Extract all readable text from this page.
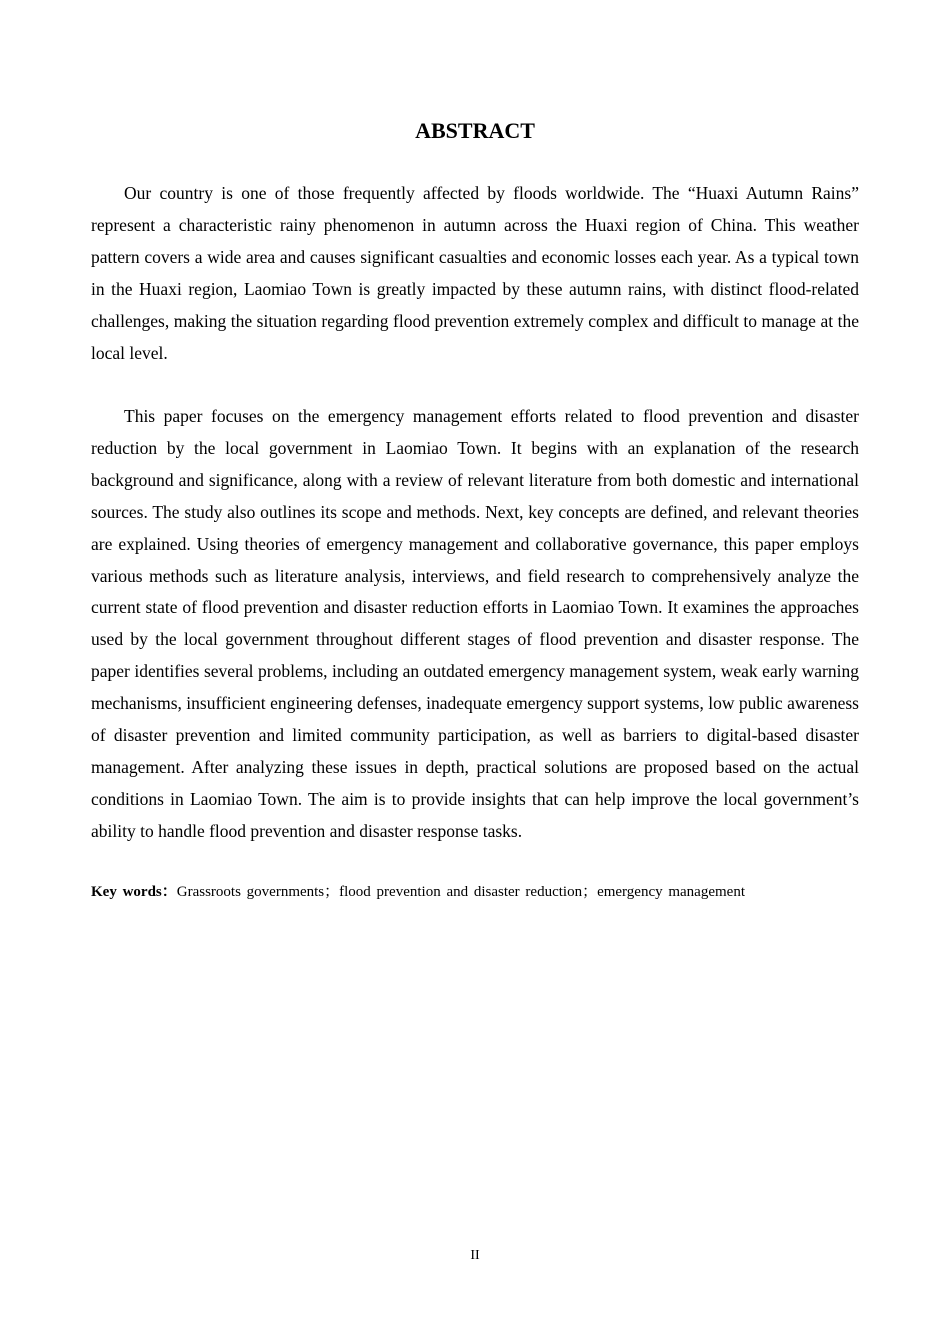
ABSTRACT

Our country is one of those frequently affected by floods worldwide. The “Huaxi Autumn Rains” represent a characteristic rainy phenomenon in autumn across the Huaxi region of China. This weather pattern covers a wide area and causes significant casualties and economic losses each year. As a typical town in the Huaxi region, Laomiao Town is greatly impacted by these autumn rains, with distinct flood-related challenges, making the situation regarding flood prevention extremely complex and difficult to manage at the local level.

This paper focuses on the emergency management efforts related to flood prevention and disaster reduction by the local government in Laomiao Town. It begins with an explanation of the research background and significance, along with a review of relevant literature from both domestic and international sources. The study also outlines its scope and methods. Next, key concepts are defined, and relevant theories are explained. Using theories of emergency management and collaborative governance, this paper employs various methods such as literature analysis, interviews, and field research to comprehensively analyze the current state of flood prevention and disaster reduction efforts in Laomiao Town. It examines the approaches used by the local government throughout different stages of flood prevention and disaster response. The paper identifies several problems, including an outdated emergency management system, weak early warning mechanisms, insufficient engineering defenses, inadequate emergency support systems, low public awareness of disaster prevention and limited community participation, as well as barriers to digital-based disaster management. After analyzing these issues in depth, practical solutions are proposed based on the actual conditions in Laomiao Town. The aim is to provide insights that can help improve the local government’s ability to handle flood prevention and disaster response tasks.

Key words：Grassroots governments；flood prevention and disaster reduction；emergency management

II
